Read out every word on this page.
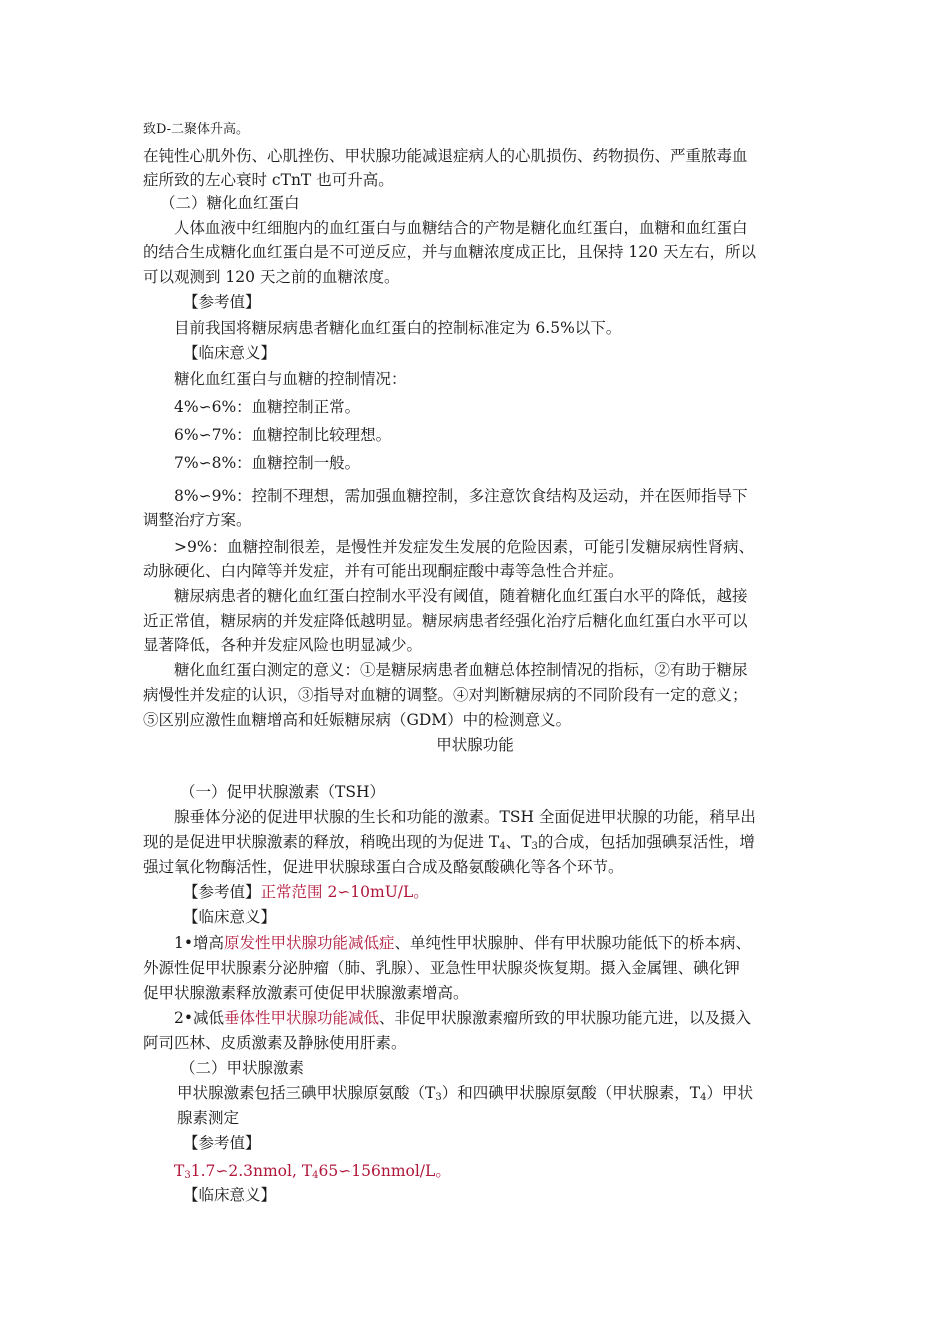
致D-二聚体升高。
在钝性心肌外伤、心肌挫伤、甲状腺功能减退症病人的心肌损伤、药物损伤、严重脓毒血
症所致的左心衰时 cTnT 也可升高。
（二）糖化血红蛋白
人体血液中红细胞内的血红蛋白与血糖结合的产物是糖化血红蛋白，血糖和血红蛋白
的结合生成糖化血红蛋白是不可逆反应，并与血糖浓度成正比，且保持 120 天左右，所以
可以观测到 120 天之前的血糖浓度。
【参考值】
目前我国将糖尿病患者糖化血红蛋白的控制标准定为 6.5%以下。
【临床意义】
糖化血红蛋白与血糖的控制情况：
4%∽6%：血糖控制正常。
6%∽7%：血糖控制比较理想。
7%∽8%：血糖控制一般。
8%∽9%：控制不理想，需加强血糖控制，多注意饮食结构及运动，并在医师指导下
调整治疗方案。
>9%：血糖控制很差，是慢性并发症发生发展的危险因素，可能引发糖尿病性肾病、
动脉硬化、白内障等并发症，并有可能出现酮症酸中毒等急性合并症。
糖尿病患者的糖化血红蛋白控制水平没有阈值，随着糖化血红蛋白水平的降低，越接
近正常值，糖尿病的并发症降低越明显。糖尿病患者经强化治疗后糖化血红蛋白水平可以
显著降低，各种并发症风险也明显减少。
糖化血红蛋白测定的意义：①是糖尿病患者血糖总体控制情况的指标，②有助于糖尿
病慢性并发症的认识，③指导对血糖的调整。④对判断糖尿病的不同阶段有一定的意义；
⑤区别应激性血糖增高和妊娠糖尿病（GDM）中的检测意义。
甲状腺功能
（一）促甲状腺激素（TSH）
腺垂体分泌的促进甲状腺的生长和功能的激素。TSH 全面促进甲状腺的功能，稍早出
现的是促进甲状腺激素的释放，稍晚出现的为促进 $T_4$、$T_3$的合成，包括加强碘泵活性，增
强过氧化物酶活性，促进甲状腺球蛋白合成及酪氨酸碘化等各个环节。
【参考值】正常范围 2∽10mU/L。
【临床意义】
1•增高原发性甲状腺功能减低症、单纯性甲状腺肿、伴有甲状腺功能低下的桥本病、
外源性促甲状腺素分泌肿瘤（肺、乳腺）、亚急性甲状腺炎恢复期。摄入金属锂、碘化钾
促甲状腺激素释放激素可使促甲状腺激素增高。
2•减低垂体性甲状腺功能减低、非促甲状腺激素瘤所致的甲状腺功能亢进，以及摄入
阿司匹林、皮质激素及静脉使用肝素。
（二）甲状腺激素
甲状腺激素包括三碘甲状腺原氨酸$(T_3)$和四碘甲状腺原氨酸（甲状腺素，$T_4$）甲状
腺素测定
【参考值】
$T_31.7∽2.3nmol$, $T_465∽156nmol/L$。
【临床意义】
